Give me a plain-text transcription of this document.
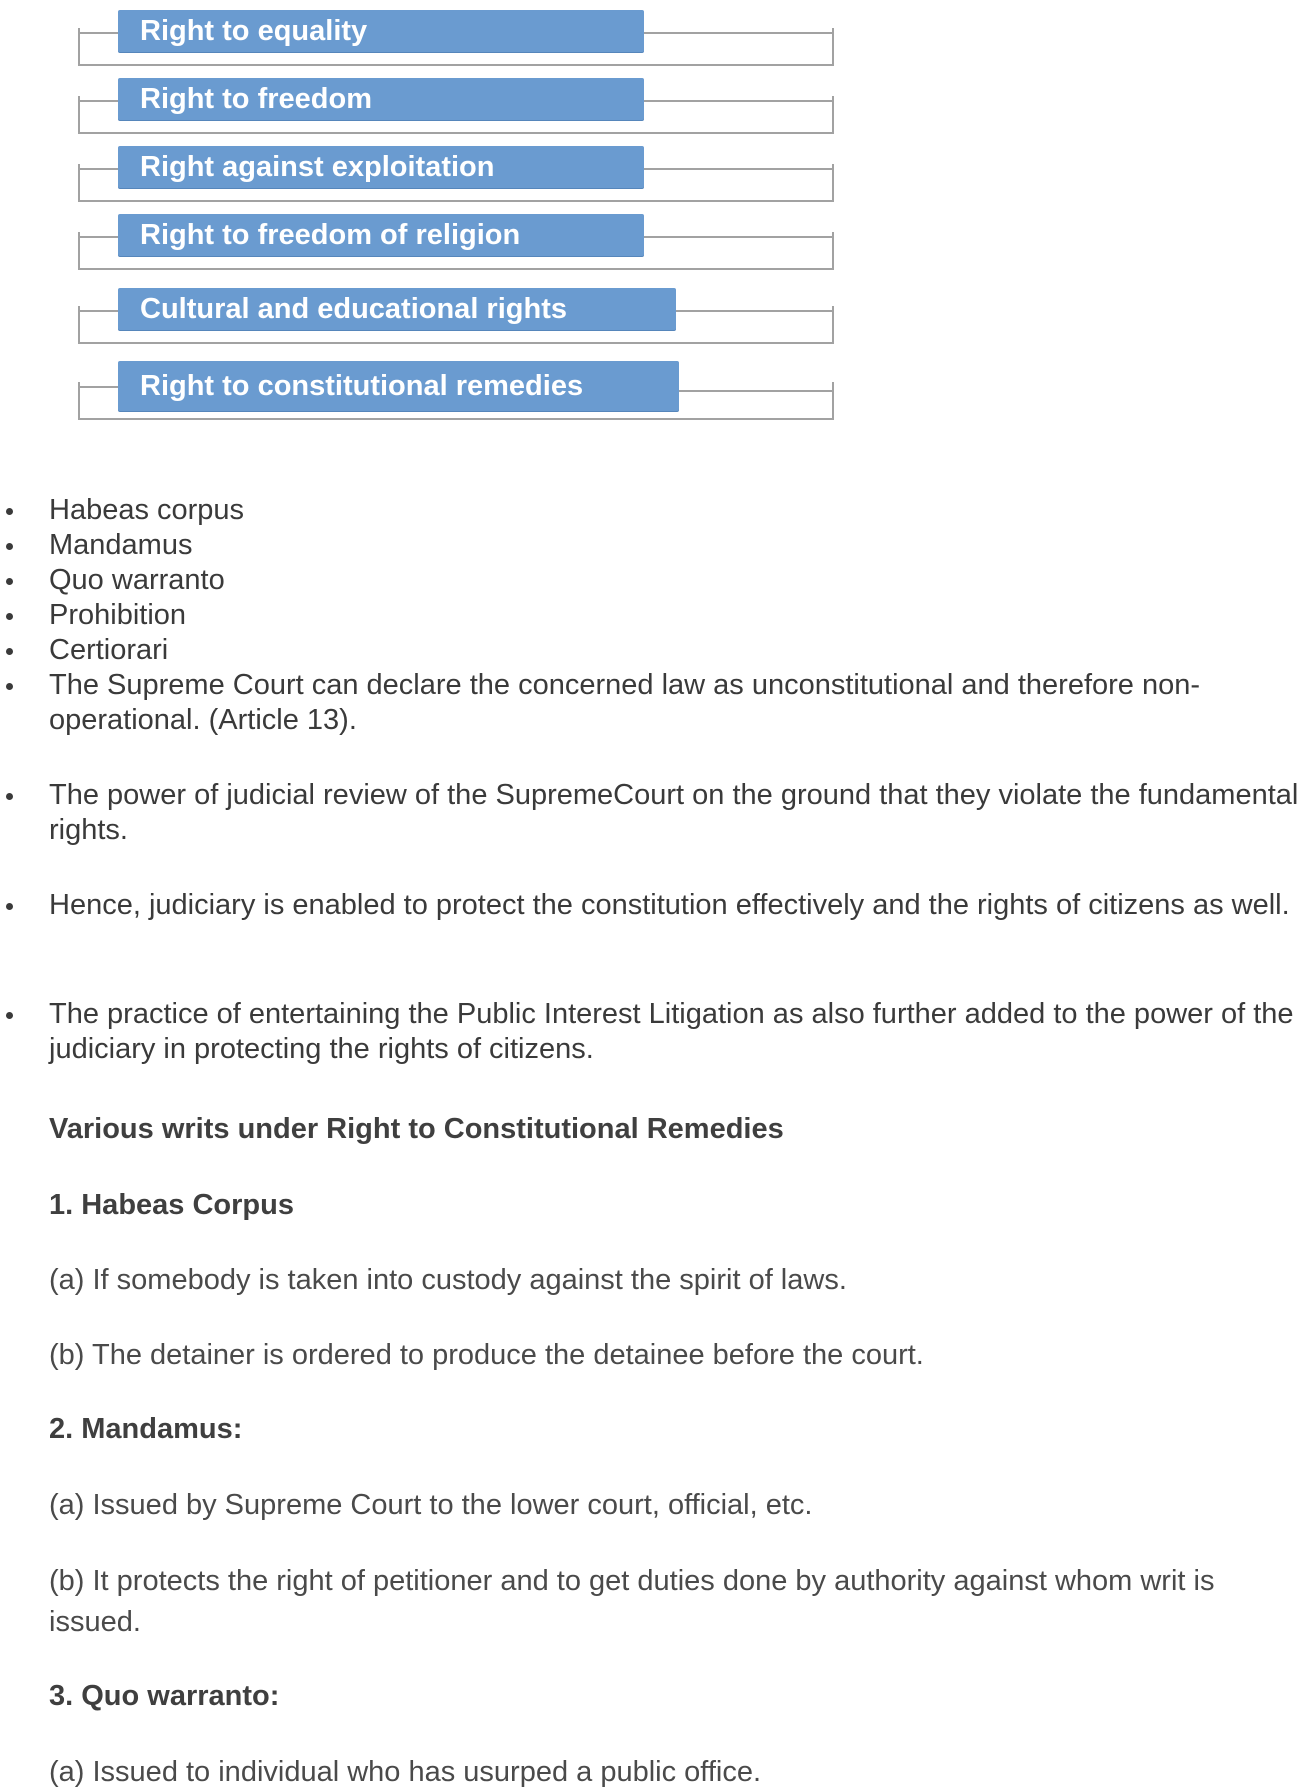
Right to equality
Right to freedom
Right against exploitation
Right to freedom of religion
Cultural and educational rights
Right to constitutional remedies
Habeas corpus
Mandamus
Quo warranto
Prohibition
Certiorari
The Supreme Court can declare the concerned law as unconstitutional and therefore non-operational. (Article 13).
The power of judicial review of the SupremeCourt on the ground that they violate the fundamental rights.
Hence, judiciary is enabled to protect the constitution effectively and the rights of citizens as well.
The practice of entertaining the Public Interest Litigation as also further added to the power of the judiciary in protecting the rights of citizens.
Various writs under Right to Constitutional Remedies
1. Habeas Corpus
(a) If somebody is taken into custody against the spirit of laws.
(b) The detainer is ordered to produce the detainee before the court.
2. Mandamus:
(a) Issued by Supreme Court to the lower court, official, etc.
(b) It protects the right of petitioner and to get duties done by authority against whom writ is issued.
3. Quo warranto:
(a) Issued to individual who has usurped a public office.
